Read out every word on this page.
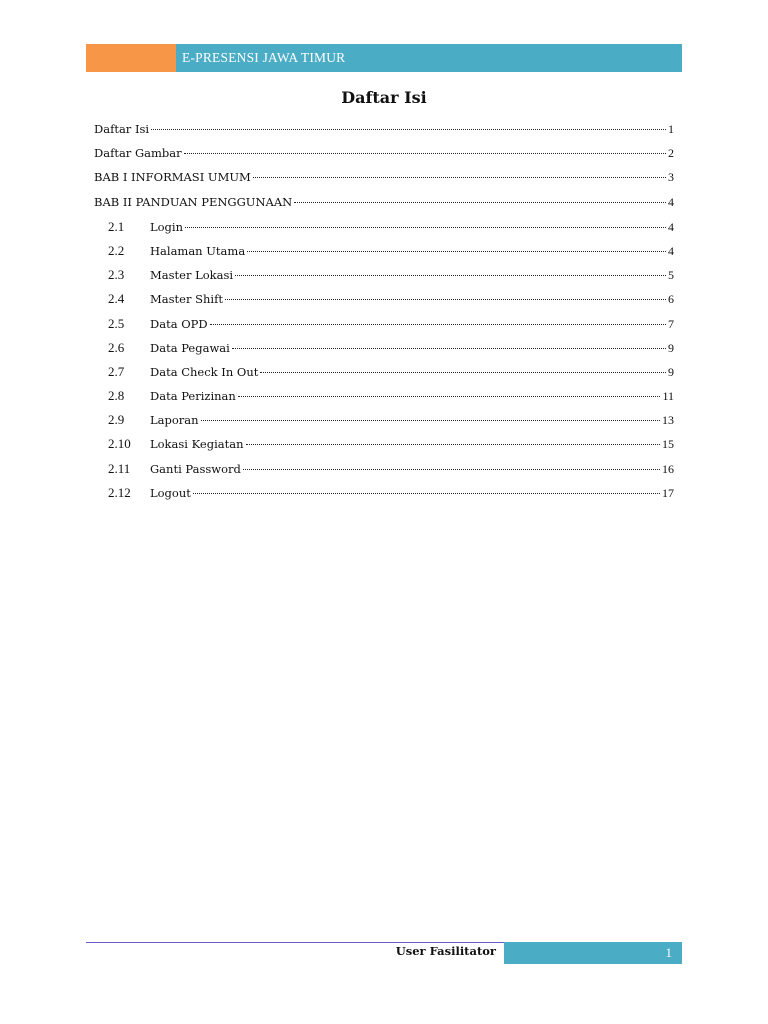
E-PRESENSI JAWA TIMUR
Daftar Isi
Daftar Isi	1
Daftar Gambar	2
BAB I INFORMASI UMUM	3
BAB II PANDUAN PENGGUNAAN	4
2.1	Login	4
2.2	Halaman Utama	4
2.3	Master Lokasi	5
2.4	Master Shift	6
2.5	Data OPD	7
2.6	Data Pegawai	9
2.7	Data Check In Out	9
2.8	Data Perizinan	11
2.9	Laporan	13
2.10	Lokasi Kegiatan	15
2.11	Ganti Password	16
2.12	Logout	17
User Fasilitator	1
